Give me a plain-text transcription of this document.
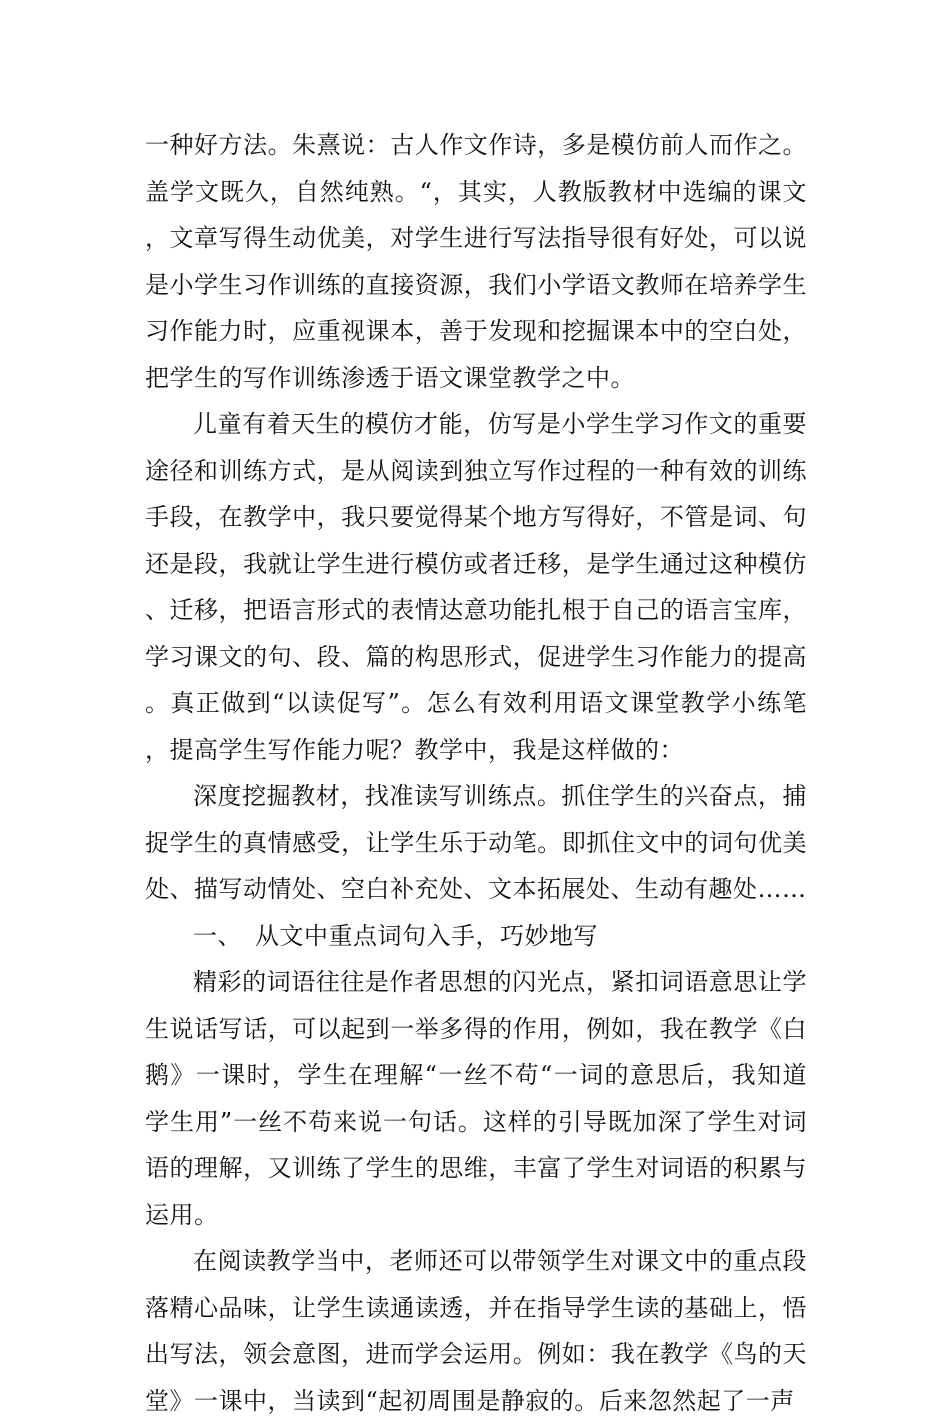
一种好方法。朱熹说：古人作文作诗，多是模仿前人而作之。盖学文既久，自然纯熟。“，其实，人教版教材中选编的课文，文章写得生动优美，对学生进行写法指导很有好处，可以说是小学生习作训练的直接资源，我们小学语文教师在培养学生习作能力时，应重视课本，善于发现和挖掘课本中的空白处，把学生的写作训练渗透于语文课堂教学之中。

儿童有着天生的模仿才能，仿写是小学生学习作文的重要途径和训练方式，是从阅读到独立写作过程的一种有效的训练手段，在教学中，我只要觉得某个地方写得好，不管是词、句还是段，我就让学生进行模仿或者迁移，是学生通过这种模仿、迁移，把语言形式的表情达意功能扎根于自己的语言宝库，学习课文的句、段、篇的构思形式，促进学生习作能力的提高。真正做到“以读促写”。怎么有效利用语文课堂教学小练笔，提高学生写作能力呢？教学中，我是这样做的：

深度挖掘教材，找准读写训练点。抓住学生的兴奋点，捕捉学生的真情感受，让学生乐于动笔。即抓住文中的词句优美处、描写动情处、空白补充处、文本拓展处、生动有趣处……

一、 从文中重点词句入手，巧妙地写

精彩的词语往往是作者思想的闪光点，紧扣词语意思让学生说话写话，可以起到一举多得的作用，例如，我在教学《白鹅》一课时，学生在理解“一丝不苟“一词的意思后，我知道学生用”一丝不苟来说一句话。这样的引导既加深了学生对词语的理解，又训练了学生的思维，丰富了学生对词语的积累与运用。

在阅读教学当中，老师还可以带领学生对课文中的重点段落精心品味，让学生读通读透，并在指导学生读的基础上，悟出写法，领会意图，进而学会运用。例如：我在教学《鸟的天堂》一课中，当读到“起初周围是静寂的。后来忽然起了一声
